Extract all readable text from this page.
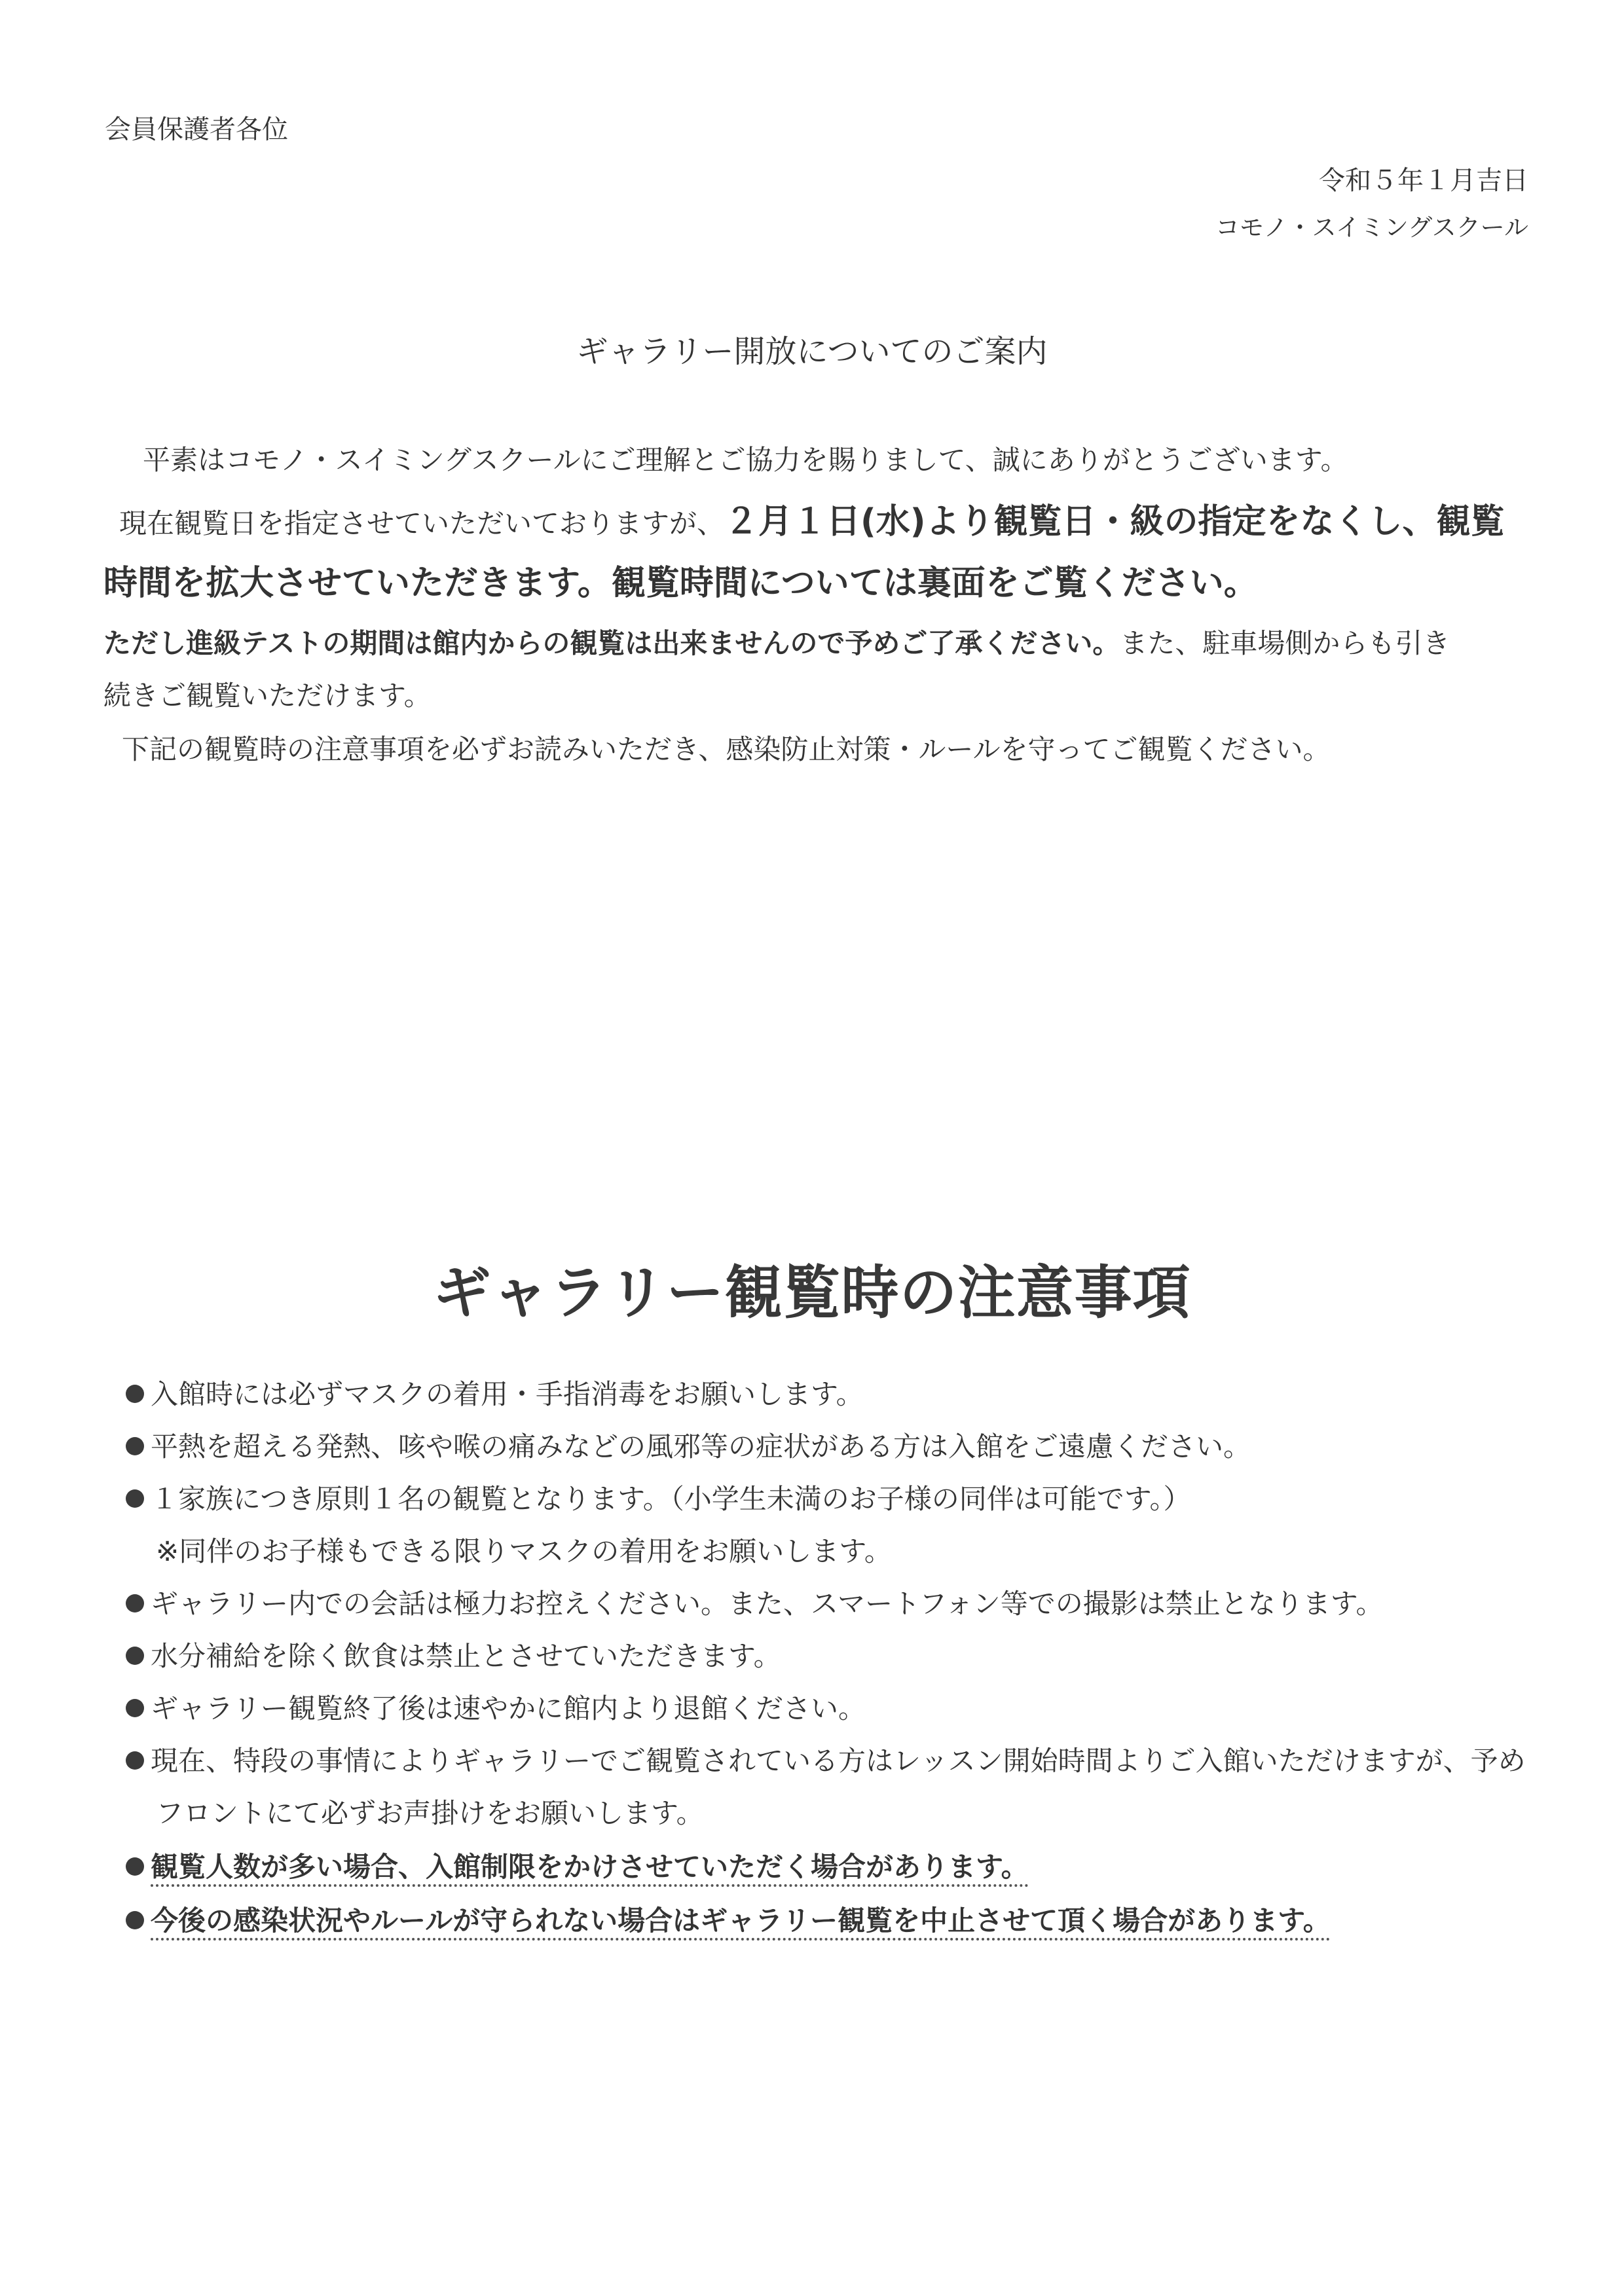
会員保護者各位
令和５年１月吉日
コモノ・スイミングスクール
ギャラリー開放についてのご案内
平素はコモノ・スイミングスクールにご理解とご協力を賜りまして、誠にありがとうございます。
現在観覧日を指定させていただいておりますが、２月１日(水)より観覧日・級の指定をなくし、観覧
時間を拡大させていただきます。観覧時間については裏面をご覧ください。
ただし進級テストの期間は館内からの観覧は出来ませんので予めご了承ください。また、駐車場側からも引き
続きご観覧いただけます。
下記の観覧時の注意事項を必ずお読みいただき、感染防止対策・ルールを守ってご観覧ください。
ギャラリー観覧時の注意事項
入館時には必ずマスクの着用・手指消毒をお願いします。
平熱を超える発熱、咳や喉の痛みなどの風邪等の症状がある方は入館をご遠慮ください。
１家族につき原則１名の観覧となります。（小学生未満のお子様の同伴は可能です。）
※同伴のお子様もできる限りマスクの着用をお願いします。
ギャラリー内での会話は極力お控えください。また、スマートフォン等での撮影は禁止となります。
水分補給を除く飲食は禁止とさせていただきます。
ギャラリー観覧終了後は速やかに館内より退館ください。
現在、特段の事情によりギャラリーでご観覧されている方はレッスン開始時間よりご入館いただけますが、予め
フロントにて必ずお声掛けをお願いします。
観覧人数が多い場合、入館制限をかけさせていただく場合があります。
今後の感染状況やルールが守られない場合はギャラリー観覧を中止させて頂く場合があります。
